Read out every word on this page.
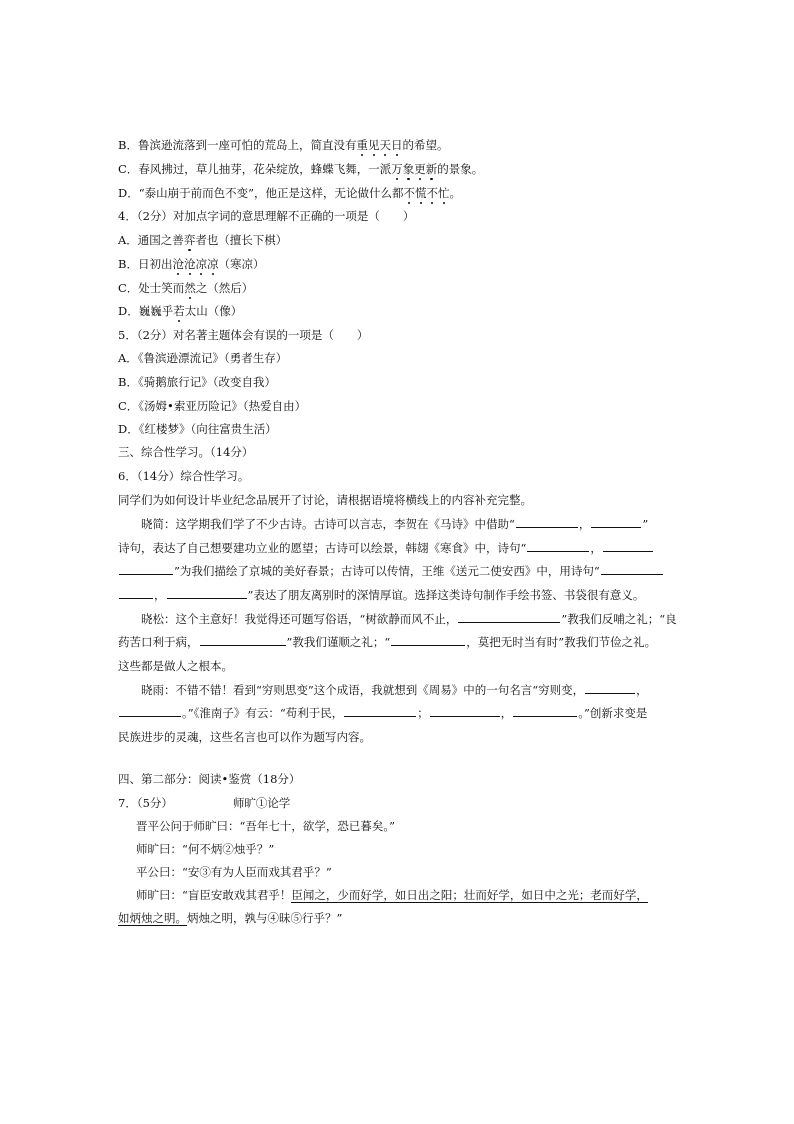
B．鲁滨逊流落到一座可怕的荒岛上，简直没有重见天日的希望。
C．春风拂过，草儿抽芽，花朵绽放，蜂蝶飞舞，一派万象更新的景象。
D．“泰山崩于前而色不变”，他正是这样，无论做什么都不慌不忙。
4．（2分）对加点字词的意思理解不正确的一项是（　　）
A．通国之善弈者也（擅长下棋）
B．日初出沧沧凉凉（寒凉）
C．处士笑而然之（然后）
D．巍巍乎若太山（像）
5．（2分）对名著主题体会有误的一项是（　　）
A．《鲁滨逊漂流记》（勇者生存）
B．《骑鹅旅行记》（改变自我）
C．《汤姆•索亚历险记》（热爱自由）
D．《红楼梦》（向往富贵生活）
三、综合性学习。（14分）
6．（14分）综合性学习。
同学们为如何设计毕业纪念品展开了讨论，请根据语境将横线上的内容补充完整。
晓简：这学期我们学了不少古诗。古诗可以言志，李贺在《马诗》中借助“	，	”
诗句，表达了自己想要建功立业的愿望；古诗可以绘景，韩翃《寒食》中，诗句“	，
”为我们描绘了京城的美好春景；古诗可以传情，王维《送元二使安西》中，用诗句“
，	”表达了朋友离别时的深情厚谊。选择这类诗句制作手绘书签、书袋很有意义。
晓松：这个主意好！我觉得还可题写俗语，“树欲静而风不止，	”教我们反哺之礼；“良
药苦口利于病，	”教我们谨顺之礼；“	，莫把无时当有时”教我们节俭之礼。
这些都是做人之根本。
晓雨：不错不错！看到“穷则思变”这个成语，我就想到《周易》中的一句名言“穷则变，	，
。”《淮南子》有云：“苟利于民，	；	，	。”创新求变是
民族进步的灵魂，这些名言也可以作为题写内容。
四、第二部分：阅读•鉴赏（18分）
7．（5分）	师旷①论学
晋平公问于师旷曰：“吾年七十，欲学，恐已暮矣。”
师旷曰：“何不炳②烛乎？”
平公曰：“安③有为人臣而戏其君乎？”
师旷曰：“盲臣安敢戏其君乎！臣闻之，少而好学，如日出之阳；壮而好学，如日中之光；老而好学，
如炳烛之明。炳烛之明，孰与④昧⑤行乎？”
